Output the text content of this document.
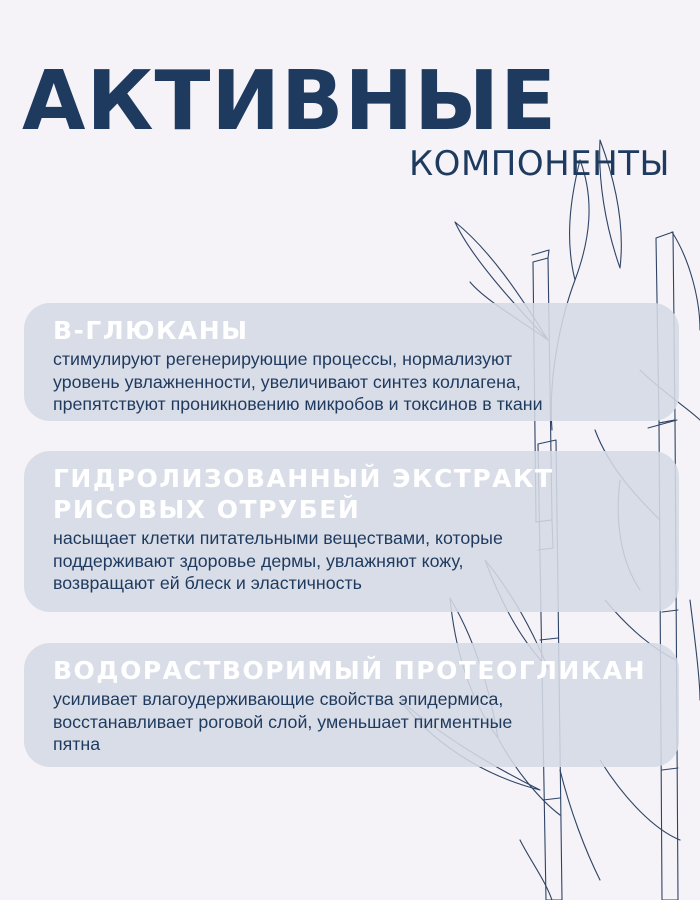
АКТИВНЫЕ
КОМПОНЕНТЫ
B-ГЛЮКАНЫ
стимулируют регенерирующие процессы, нормализуют
уровень увлажненности, увеличивают синтез коллагена,
препятствуют проникновению микробов и токсинов в ткани
ГИДРОЛИЗОВАННЫЙ ЭКСТРАКТ
РИСОВЫХ ОТРУБЕЙ
насыщает клетки питательными веществами, которые
поддерживают здоровье дермы, увлажняют кожу,
возвращают ей блеск и эластичность
ВОДОРАСТВОРИМЫЙ ПРОТЕОГЛИКАН
усиливает влагоудерживающие свойства эпидермиса,
восстанавливает роговой слой, уменьшает пигментные
пятна
